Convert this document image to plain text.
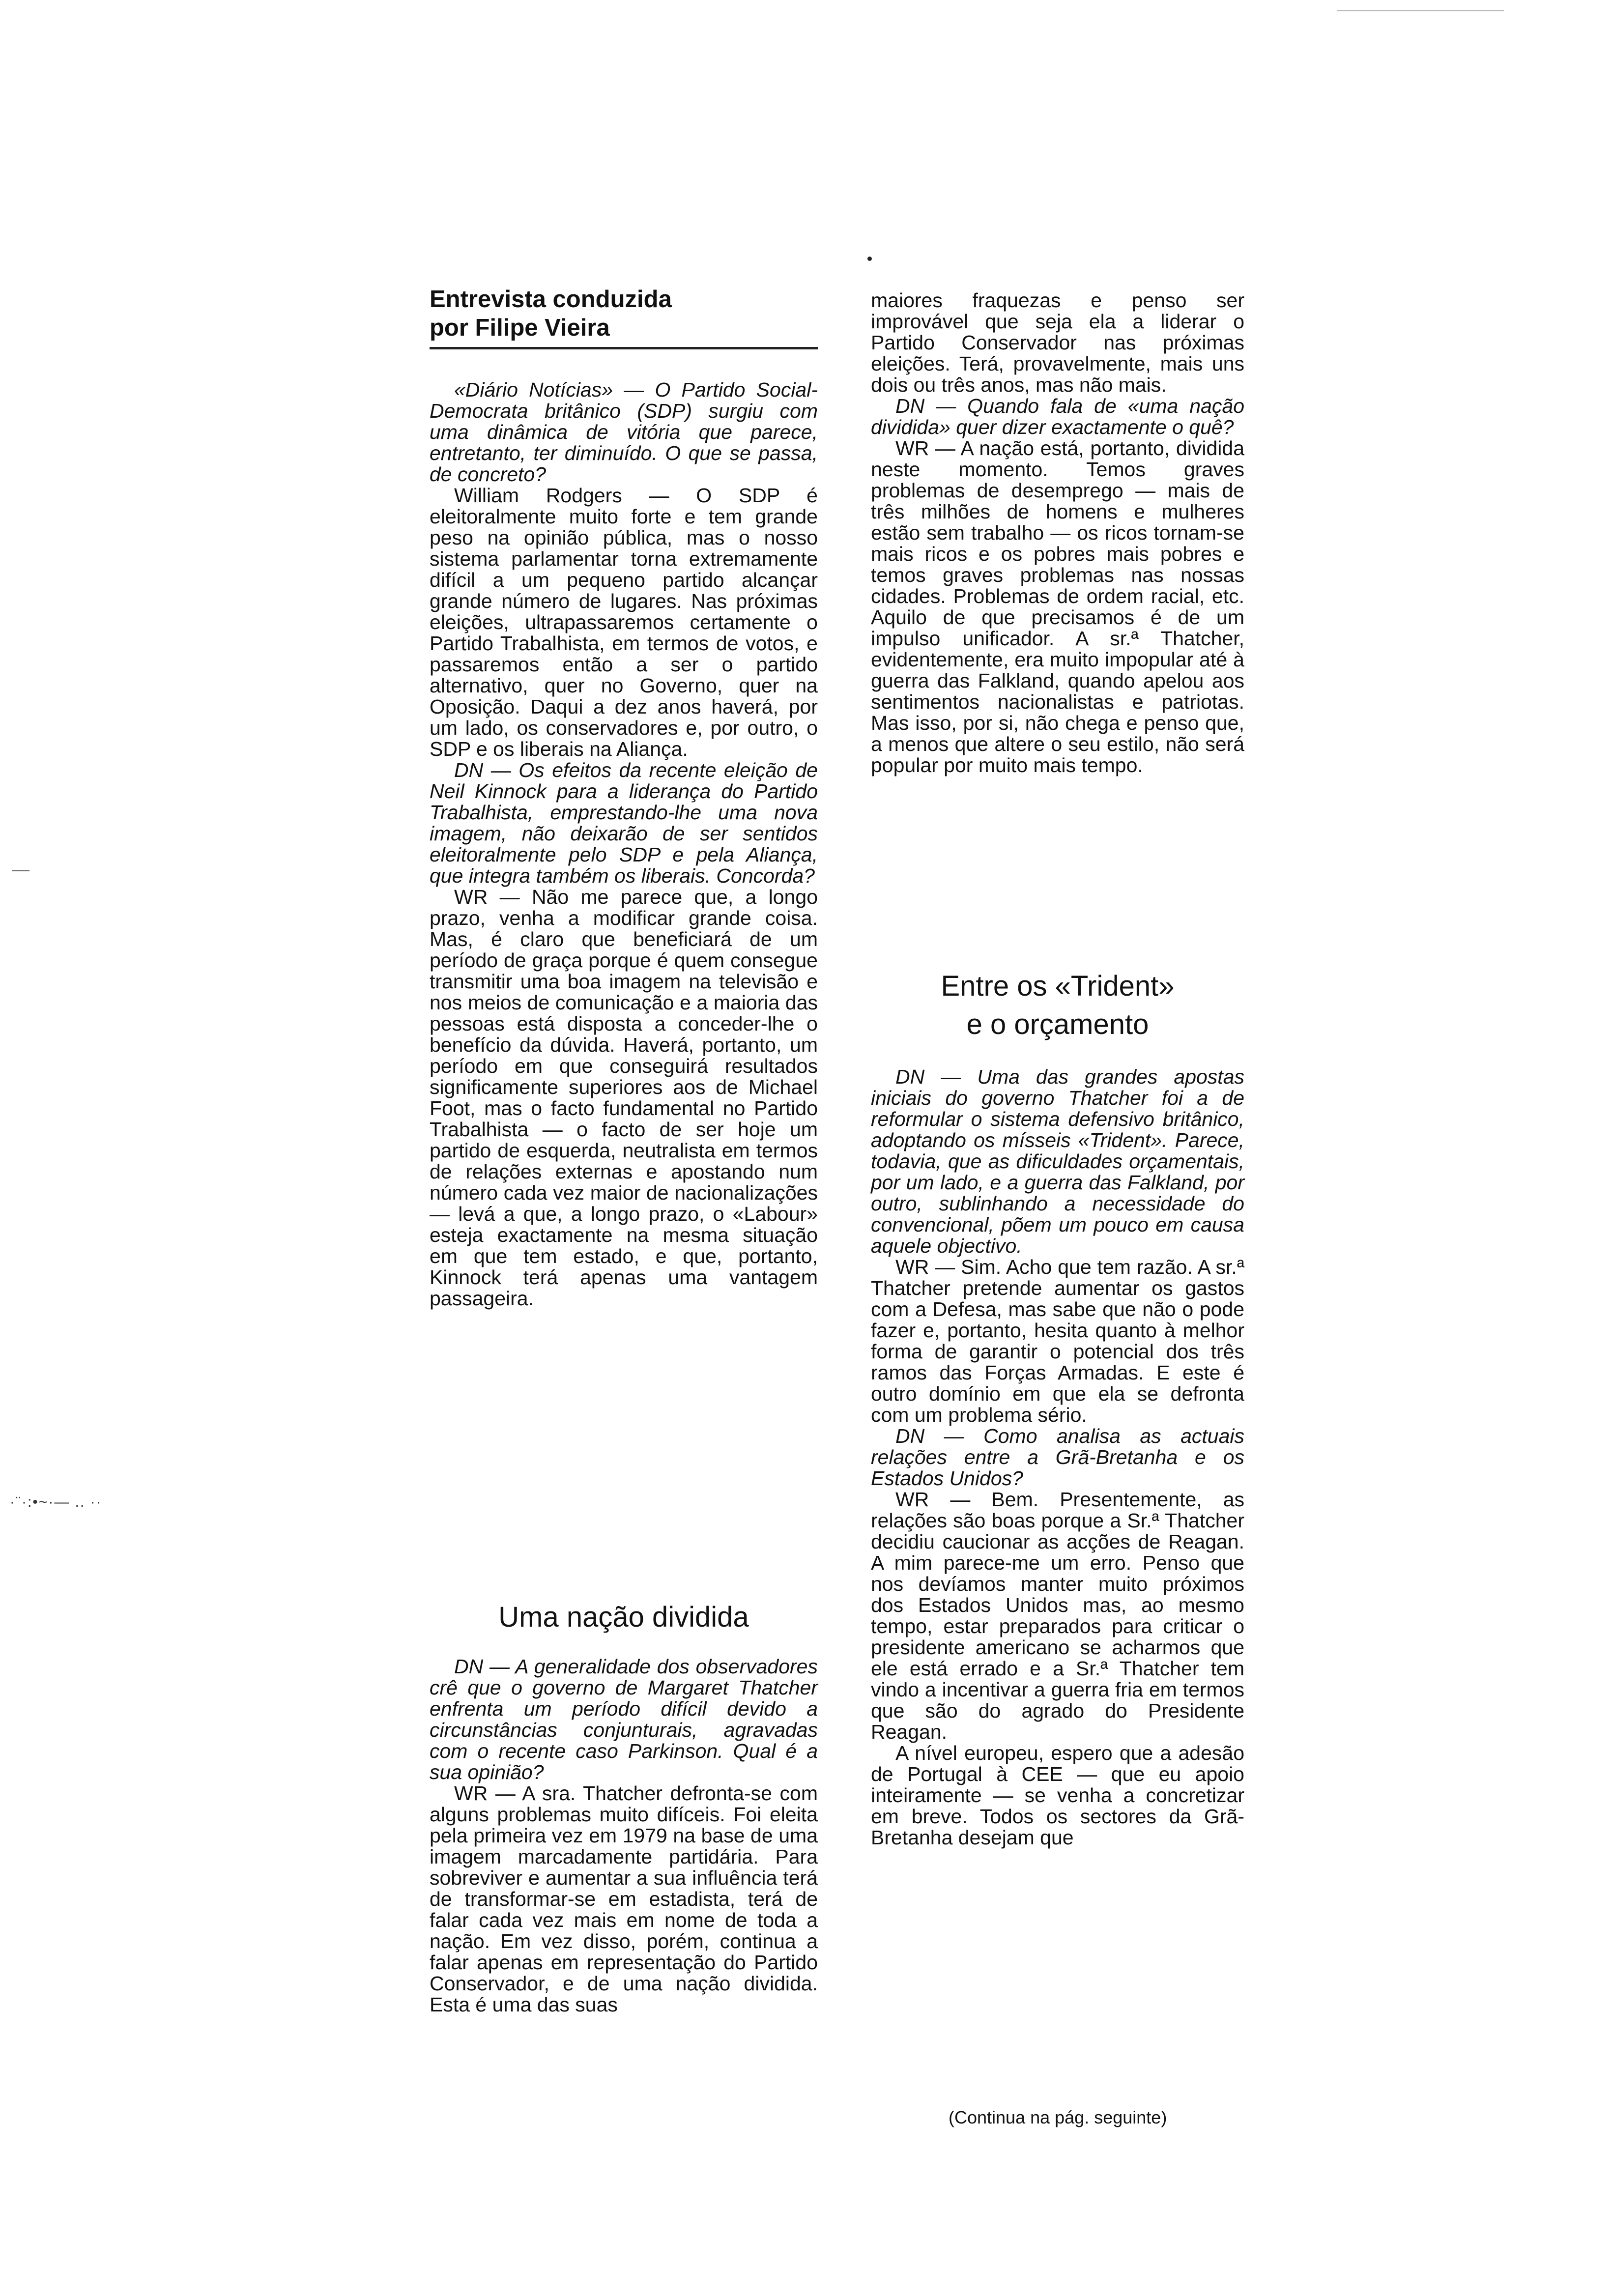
·¨·:•~·— .. ··
Entrevista conduzida
por Filipe Vieira

«Diário Notícias» — O Partido Social-Democrata britânico (SDP) surgiu com uma dinâmica de vitória que parece, entretanto, ter diminuído. O que se passa, de concreto?

William Rodgers — O SDP é eleitoralmente muito forte e tem grande peso na opinião pública, mas o nosso sistema parlamentar torna extremamente difícil a um pequeno partido alcançar grande número de lugares. Nas próximas eleições, ultrapassaremos certamente o Partido Trabalhista, em termos de votos, e passaremos então a ser o partido alternativo, quer no Governo, quer na Oposição. Daqui a dez anos haverá, por um lado, os conservadores e, por outro, o SDP e os liberais na Aliança.

DN — Os efeitos da recente eleição de Neil Kinnock para a liderança do Partido Trabalhista, emprestando-lhe uma nova imagem, não deixarão de ser sentidos eleitoralmente pelo SDP e pela Aliança, que integra também os liberais. Concorda?

WR — Não me parece que, a longo prazo, venha a modificar grande coisa. Mas, é claro que beneficiará de um período de graça porque é quem consegue transmitir uma boa imagem na televisão e nos meios de comunicação e a maioria das pessoas está disposta a conceder-lhe o benefício da dúvida. Haverá, portanto, um período em que conseguirá resultados significamente superiores aos de Michael Foot, mas o facto fundamental no Partido Trabalhista — o facto de ser hoje um partido de esquerda, neutralista em termos de relações externas e apostando num número cada vez maior de nacionalizações — levá a que, a longo prazo, o «Labour» esteja exactamente na mesma situação em que tem estado, e que, portanto, Kinnock terá apenas uma vantagem passageira.

Uma nação dividida

DN — A generalidade dos observadores crê que o governo de Margaret Thatcher enfrenta um período difícil devido a circunstâncias conjunturais, agravadas com o recente caso Parkinson. Qual é a sua opinião?

WR — A sra. Thatcher defronta-se com alguns problemas muito difíceis. Foi eleita pela primeira vez em 1979 na base de uma imagem marcadamente partidária. Para sobreviver e aumentar a sua influência terá de transformar-se em estadista, terá de falar cada vez mais em nome de toda a nação. Em vez disso, porém, continua a falar apenas em representação do Partido Conservador, e de uma nação dividida. Esta é uma das suas

maiores fraquezas e penso ser improvável que seja ela a liderar o Partido Conservador nas próximas eleições. Terá, provavelmente, mais uns dois ou três anos, mas não mais.

DN — Quando fala de «uma nação dividida» quer dizer exactamente o quê?

WR — A nação está, portanto, dividida neste momento. Temos graves problemas de desemprego — mais de três milhões de homens e mulheres estão sem trabalho — os ricos tornam-se mais ricos e os pobres mais pobres e temos graves problemas nas nossas cidades. Problemas de ordem racial, etc. Aquilo de que precisamos é de um impulso unificador. A sr.ª Thatcher, evidentemente, era muito impopular até à guerra das Falkland, quando apelou aos sentimentos nacionalistas e patriotas. Mas isso, por si, não chega e penso que, a menos que altere o seu estilo, não será popular por muito mais tempo.

Entre os «Trident»
e o orçamento

DN — Uma das grandes apostas iniciais do governo Thatcher foi a de reformular o sistema defensivo britânico, adoptando os mísseis «Trident». Parece, todavia, que as dificuldades orçamentais, por um lado, e a guerra das Falkland, por outro, sublinhando a necessidade do convencional, põem um pouco em causa aquele objectivo.

WR — Sim. Acho que tem razão. A sr.ª Thatcher pretende aumentar os gastos com a Defesa, mas sabe que não o pode fazer e, portanto, hesita quanto à melhor forma de garantir o potencial dos três ramos das Forças Armadas. E este é outro domínio em que ela se defronta com um problema sério.

DN — Como analisa as actuais relações entre a Grã-Bretanha e os Estados Unidos?

WR — Bem. Presentemente, as relações são boas porque a Sr.ª Thatcher decidiu caucionar as acções de Reagan. A mim parece-me um erro. Penso que nos devíamos manter muito próximos dos Estados Unidos mas, ao mesmo tempo, estar preparados para criticar o presidente americano se acharmos que ele está errado e a Sr.ª Thatcher tem vindo a incentivar a guerra fria em termos que são do agrado do Presidente Reagan.

A nível europeu, espero que a adesão de Portugal à CEE — que eu apoio inteiramente — se venha a concretizar em breve. Todos os sectores da Grã-Bretanha desejam que

(Continua na pág. seguinte)
